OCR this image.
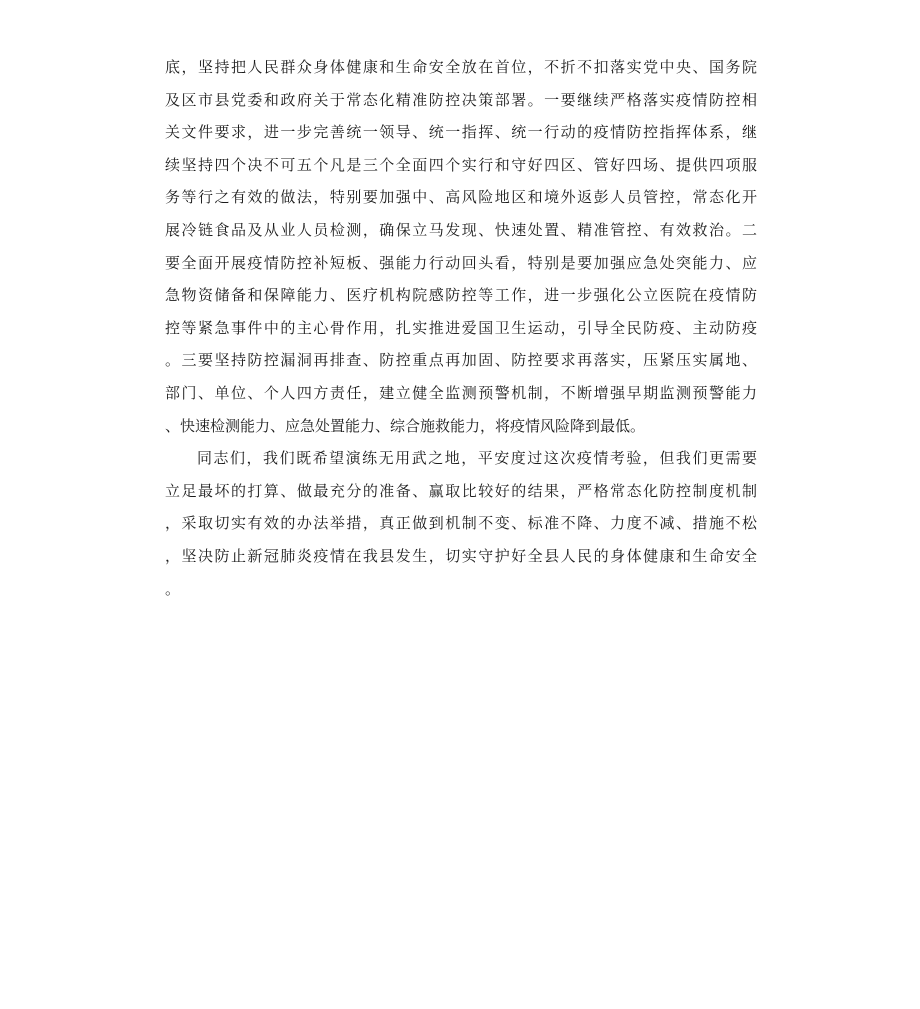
底，坚持把人民群众身体健康和生命安全放在首位，不折不扣落实党中央、国务院
及区市县党委和政府关于常态化精准防控决策部署。一要继续严格落实疫情防控相
关文件要求，进一步完善统一领导、统一指挥、统一行动的疫情防控指挥体系，继
续坚持四个决不可五个凡是三个全面四个实行和守好四区、管好四场、提供四项服
务等行之有效的做法，特别要加强中、高风险地区和境外返彭人员管控，常态化开
展冷链食品及从业人员检测，确保立马发现、快速处置、精准管控、有效救治。二
要全面开展疫情防控补短板、强能力行动回头看，特别是要加强应急处突能力、应
急物资储备和保障能力、医疗机构院感防控等工作，进一步强化公立医院在疫情防
控等紧急事件中的主心骨作用，扎实推进爱国卫生运动，引导全民防疫、主动防疫
。三要坚持防控漏洞再排查、防控重点再加固、防控要求再落实，压紧压实属地、
部门、单位、个人四方责任，建立健全监测预警机制，不断增强早期监测预警能力
、快速检测能力、应急处置能力、综合施救能力，将疫情风险降到最低。
同志们，我们既希望演练无用武之地，平安度过这次疫情考验，但我们更需要
立足最坏的打算、做最充分的准备、赢取比较好的结果，严格常态化防控制度机制
，采取切实有效的办法举措，真正做到机制不变、标准不降、力度不减、措施不松
，坚决防止新冠肺炎疫情在我县发生，切实守护好全县人民的身体健康和生命安全
。
